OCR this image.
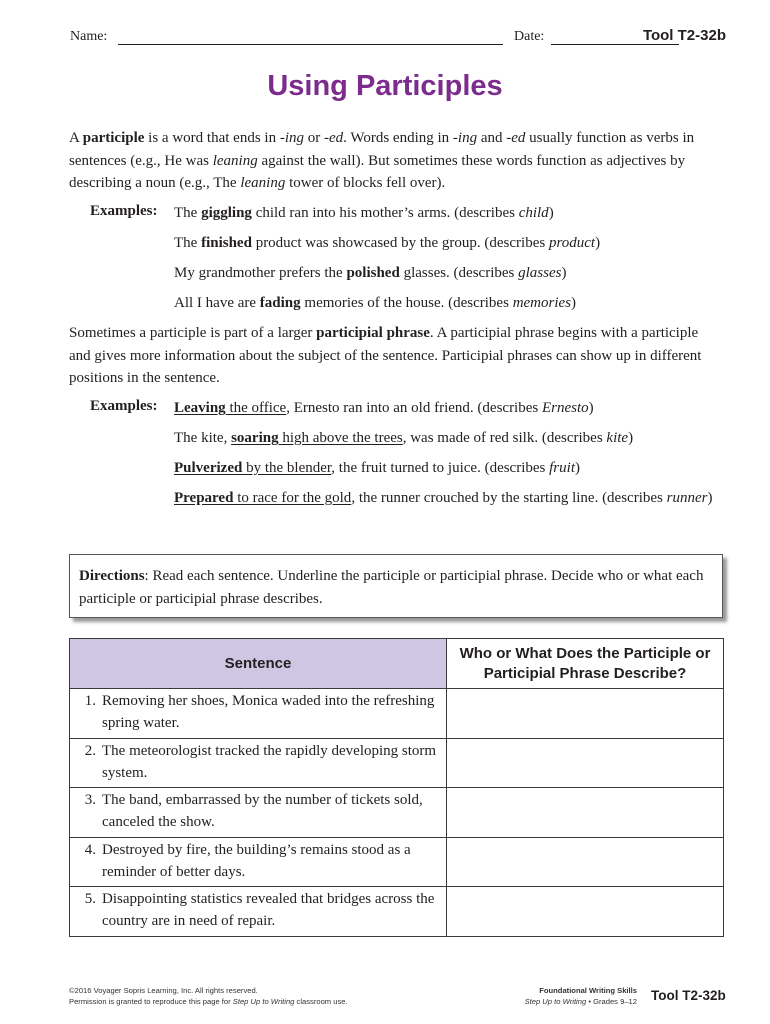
Name:	Date:	Tool T2-32b
Using Participles

A participle is a word that ends in -ing or -ed. Words ending in -ing and -ed usually function as verbs in sentences (e.g., He was leaning against the wall). But sometimes these words function as adjectives by describing a noun (e.g., The leaning tower of blocks fell over).

Examples: The giggling child ran into his mother’s arms. (describes child)
The finished product was showcased by the group. (describes product)
My grandmother prefers the polished glasses. (describes glasses)
All I have are fading memories of the house. (describes memories)

Sometimes a participle is part of a larger participial phrase. A participial phrase begins with a participle and gives more information about the subject of the sentence. Participial phrases can show up in different positions in the sentence.

Examples: Leaving the office, Ernesto ran into an old friend. (describes Ernesto)
The kite, soaring high above the trees, was made of red silk. (describes kite)
Pulverized by the blender, the fruit turned to juice. (describes fruit)
Prepared to race for the gold, the runner crouched by the starting line. (describes runner)
Directions: Read each sentence. Underline the participle or participial phrase. Decide who or what each participle or participial phrase describes.
Sentence	Who or What Does the Participle or Participial Phrase Describe?

1. Removing her shoes, Monica waded into the refreshing spring water.	

2. The meteorologist tracked the rapidly developing storm system.	

3. The band, embarrassed by the number of tickets sold, canceled the show.	

4. Destroyed by fire, the building’s remains stood as a reminder of better days.	

5. Disappointing statistics revealed that bridges across the country are in need of repair.	

©2016 Voyager Sopris Learning, Inc. All rights reserved.
Permission is granted to reproduce this page for Step Up to Writing classroom use.
Foundational Writing Skills
Step Up to Writing • Grades 9–12 Tool T2-32b
